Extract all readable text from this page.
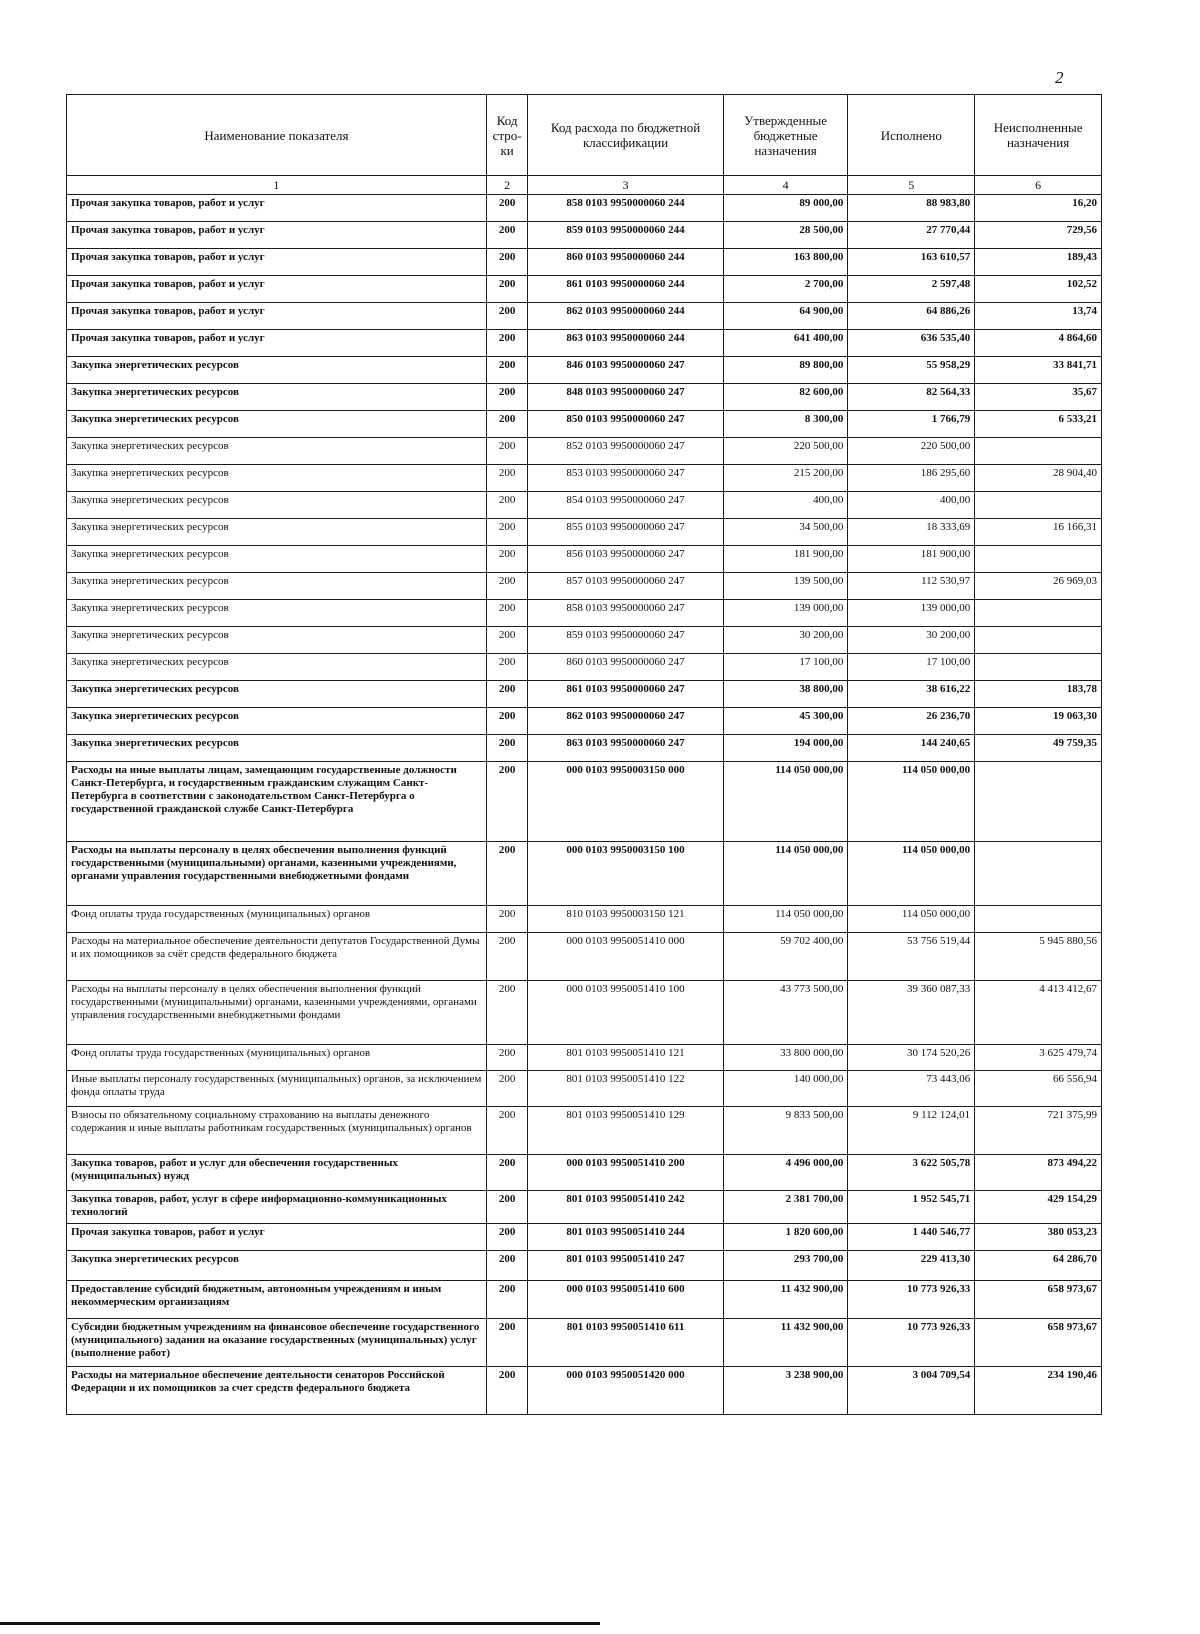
2
Наименование показателя	Код стро-ки	Код расхода по бюджетной классификации	Утвержденные бюджетные назначения	Исполнено	Неисполненные назначения
1	2	3	4	5	6
Прочая закупка товаров, работ и услуг	200	858 0103 9950000060 244	89 000,00	88 983,80	16,20
Прочая закупка товаров, работ и услуг	200	859 0103 9950000060 244	28 500,00	27 770,44	729,56
Прочая закупка товаров, работ и услуг	200	860 0103 9950000060 244	163 800,00	163 610,57	189,43
Прочая закупка товаров, работ и услуг	200	861 0103 9950000060 244	2 700,00	2 597,48	102,52
Прочая закупка товаров, работ и услуг	200	862 0103 9950000060 244	64 900,00	64 886,26	13,74
Прочая закупка товаров, работ и услуг	200	863 0103 9950000060 244	641 400,00	636 535,40	4 864,60
Закупка энергетических ресурсов	200	846 0103 9950000060 247	89 800,00	55 958,29	33 841,71
Закупка энергетических ресурсов	200	848 0103 9950000060 247	82 600,00	82 564,33	35,67
Закупка энергетических ресурсов	200	850 0103 9950000060 247	8 300,00	1 766,79	6 533,21
Закупка энергетических ресурсов	200	852 0103 9950000060 247	220 500,00	220 500,00	
Закупка энергетических ресурсов	200	853 0103 9950000060 247	215 200,00	186 295,60	28 904,40
Закупка энергетических ресурсов	200	854 0103 9950000060 247	400,00	400,00	
Закупка энергетических ресурсов	200	855 0103 9950000060 247	34 500,00	18 333,69	16 166,31
Закупка энергетических ресурсов	200	856 0103 9950000060 247	181 900,00	181 900,00	
Закупка энергетических ресурсов	200	857 0103 9950000060 247	139 500,00	112 530,97	26 969,03
Закупка энергетических ресурсов	200	858 0103 9950000060 247	139 000,00	139 000,00	
Закупка энергетических ресурсов	200	859 0103 9950000060 247	30 200,00	30 200,00	
Закупка энергетических ресурсов	200	860 0103 9950000060 247	17 100,00	17 100,00	
Закупка энергетических ресурсов	200	861 0103 9950000060 247	38 800,00	38 616,22	183,78
Закупка энергетических ресурсов	200	862 0103 9950000060 247	45 300,00	26 236,70	19 063,30
Закупка энергетических ресурсов	200	863 0103 9950000060 247	194 000,00	144 240,65	49 759,35
Расходы на иные выплаты лицам, замещающим государственные должности Санкт-Петербурга, и государственным гражданским служащим Санкт-Петербурга в соответствии с законодательством Санкт-Петербурга о государственной гражданской службе Санкт-Петербурга	200	000 0103 9950003150 000	114 050 000,00	114 050 000,00	
Расходы на выплаты персоналу в целях обеспечения выполнения функций государственными (муниципальными) органами, казенными учреждениями, органами управления государственными внебюджетными фондами	200	000 0103 9950003150 100	114 050 000,00	114 050 000,00	
Фонд оплаты труда государственных (муниципальных) органов	200	810 0103 9950003150 121	114 050 000,00	114 050 000,00	
Расходы на материальное обеспечение деятельности депутатов Государственной Думы и их помощников за счёт средств федерального бюджета	200	000 0103 9950051410 000	59 702 400,00	53 756 519,44	5 945 880,56
Расходы на выплаты персоналу в целях обеспечения выполнения функций государственными (муниципальными) органами, казенными учреждениями, органами управления государственными внебюджетными фондами	200	000 0103 9950051410 100	43 773 500,00	39 360 087,33	4 413 412,67
Фонд оплаты труда государственных (муниципальных) органов	200	801 0103 9950051410 121	33 800 000,00	30 174 520,26	3 625 479,74
Иные выплаты персоналу государственных (муниципальных) органов, за исключением фонда оплаты труда	200	801 0103 9950051410 122	140 000,00	73 443,06	66 556,94
Взносы по обязательному социальному страхованию на выплаты денежного содержания и иные выплаты работникам государственных (муниципальных) органов	200	801 0103 9950051410 129	9 833 500,00	9 112 124,01	721 375,99
Закупка товаров, работ и услуг для обеспечения государственных (муниципальных) нужд	200	000 0103 9950051410 200	4 496 000,00	3 622 505,78	873 494,22
Закупка товаров, работ, услуг в сфере информационно-коммуникационных технологий	200	801 0103 9950051410 242	2 381 700,00	1 952 545,71	429 154,29
Прочая закупка товаров, работ и услуг	200	801 0103 9950051410 244	1 820 600,00	1 440 546,77	380 053,23
Закупка энергетических ресурсов	200	801 0103 9950051410 247	293 700,00	229 413,30	64 286,70
Предоставление субсидий бюджетным, автономным учреждениям и иным некоммерческим организациям	200	000 0103 9950051410 600	11 432 900,00	10 773 926,33	658 973,67
Субсидии бюджетным учреждениям на финансовое обеспечение государственного (муниципального) задания на оказание государственных (муниципальных) услуг (выполнение работ)	200	801 0103 9950051410 611	11 432 900,00	10 773 926,33	658 973,67
Расходы на материальное обеспечение деятельности сенаторов Российской Федерации и их помощников за счет средств федерального бюджета	200	000 0103 9950051420 000	3 238 900,00	3 004 709,54	234 190,46
